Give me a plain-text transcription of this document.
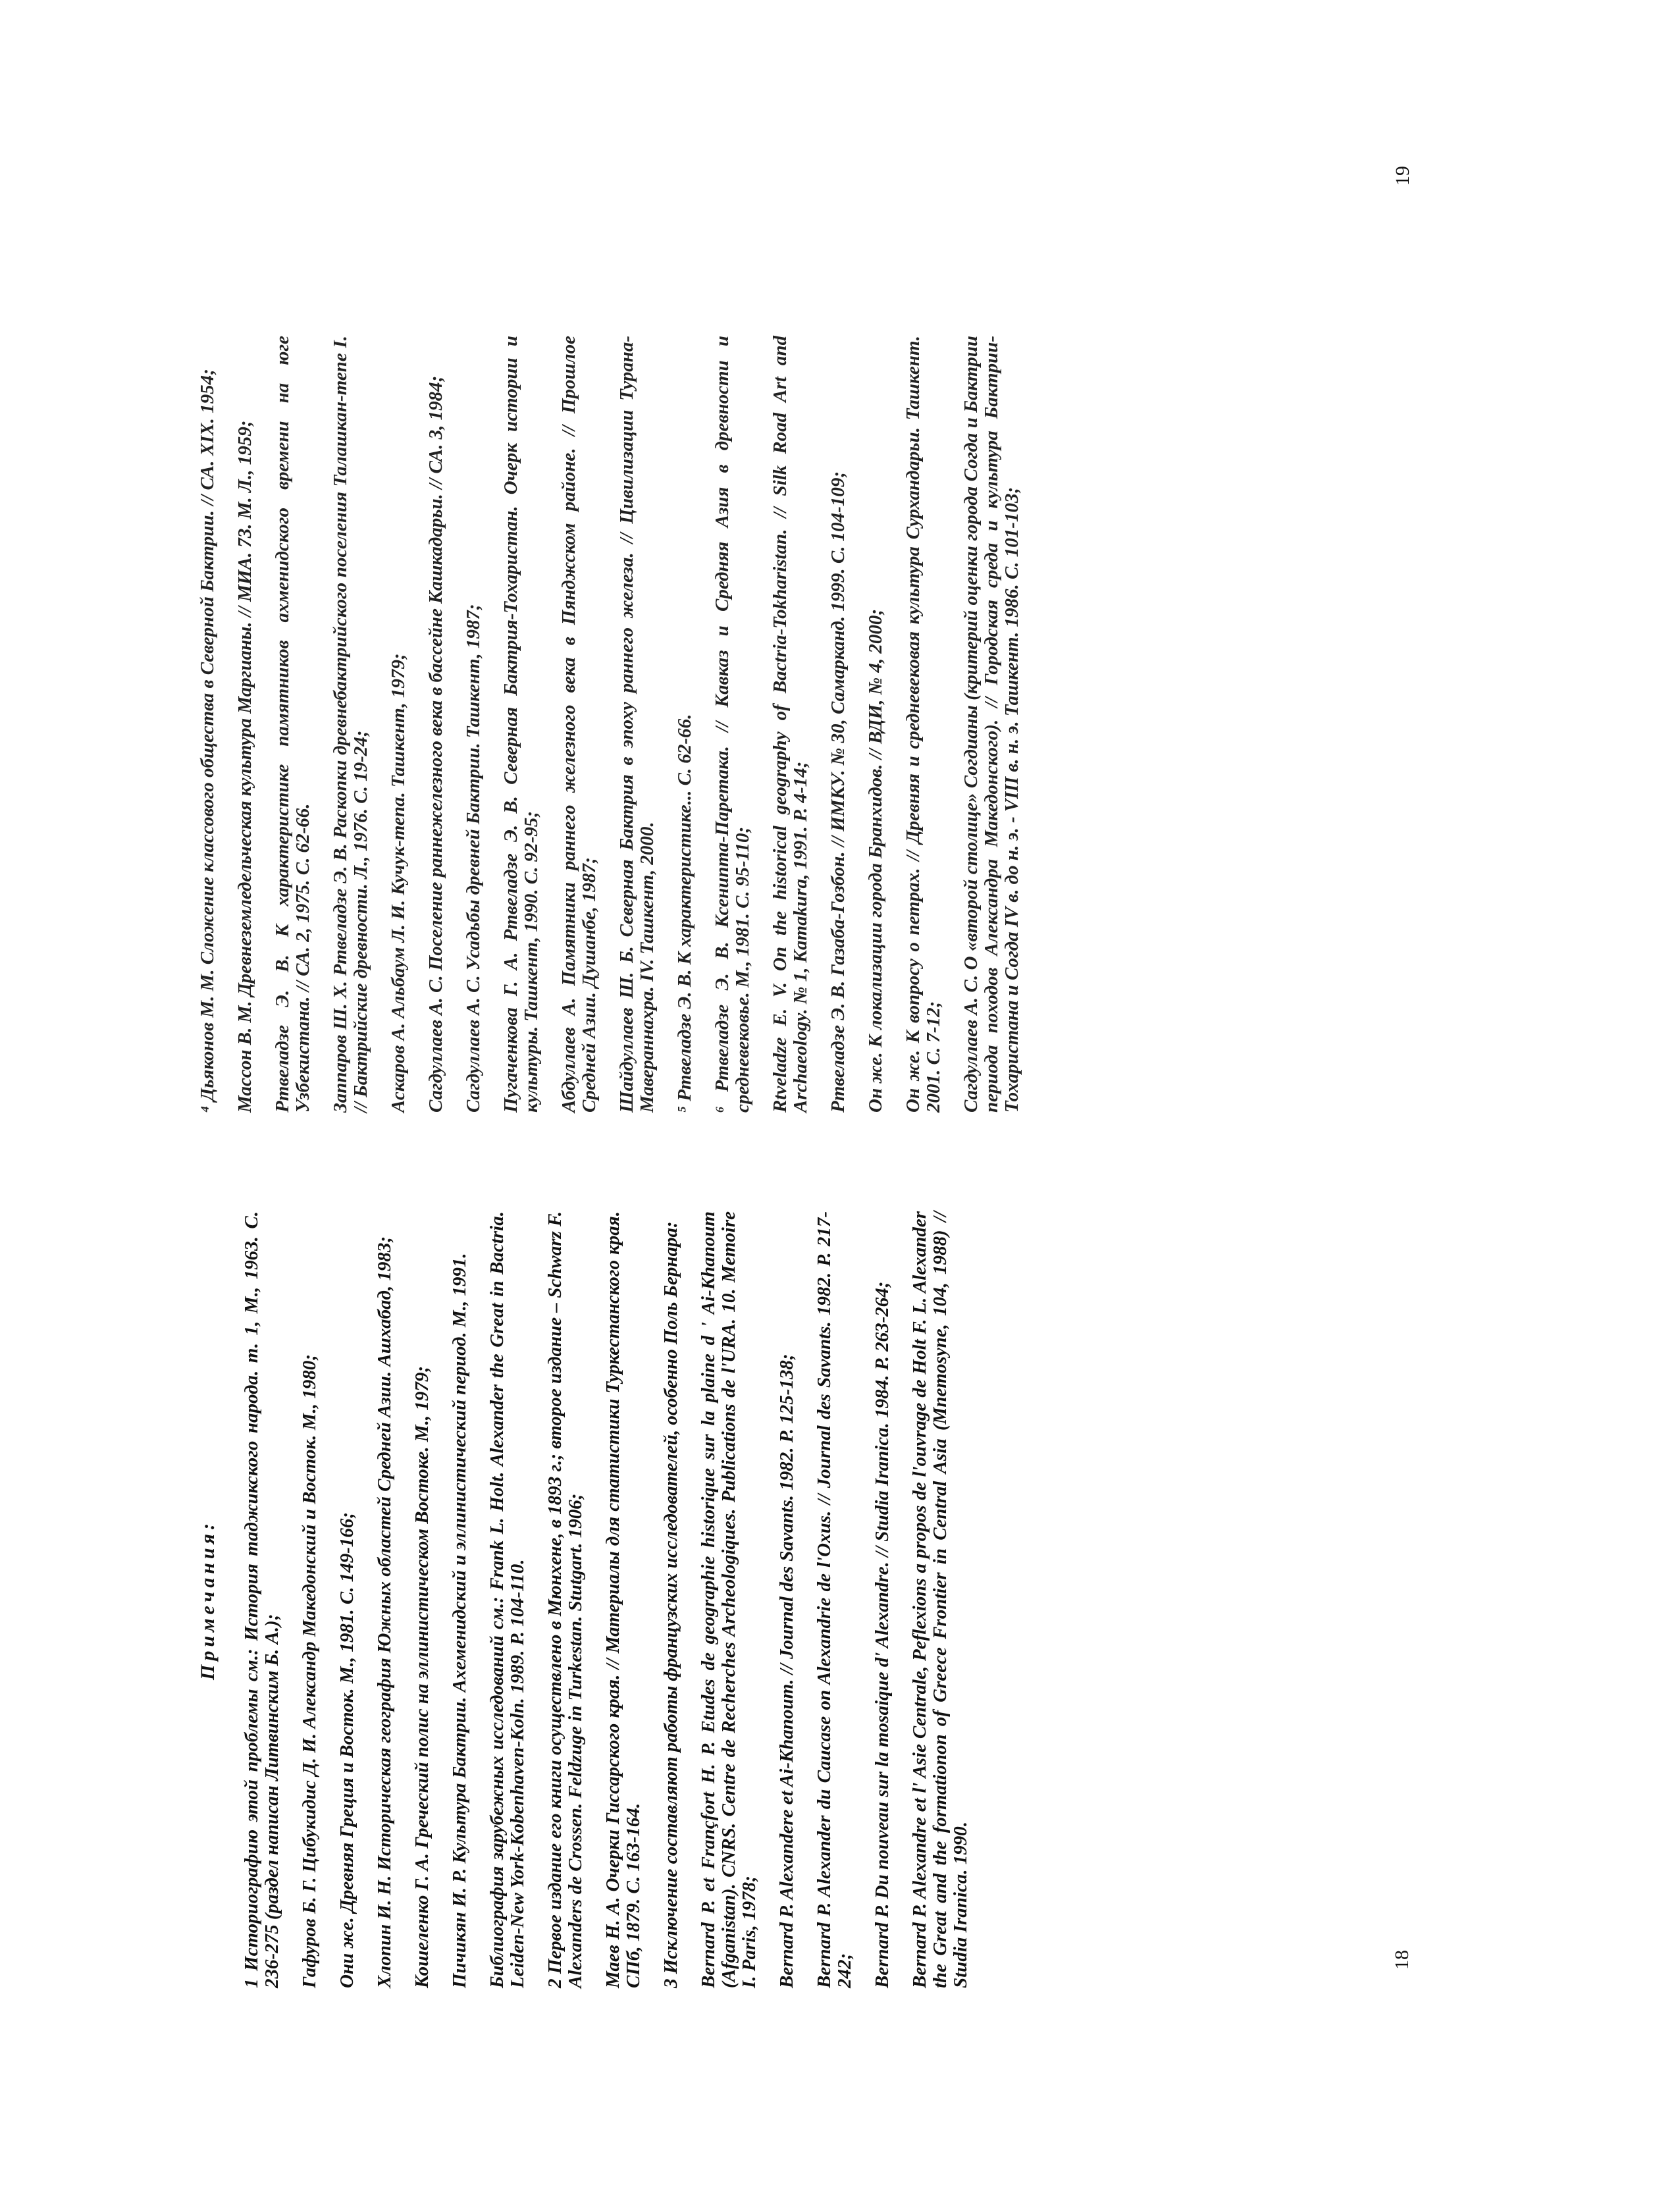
18
19
Примечания: 1 Историографию этой проблемы см.: История таджикского народа. т. 1, М., 1963. С. 236-275 (раздел написан Литвинским Б. А.); Гафуров Б. Г. Цибукидис Д. И. Александр Македонский и Восток. М., 1980; Они же. Древняя Греция и Восток. М., 1981. С. 149-166; Хлопин И. Н. Историческая география Южных областей Средней Азии. Ашхабад, 1983; Кошеленко Г. А. Греческий полис на эллинистическом Востоке. М., 1979; Пичикян И. Р. Культура Бактрии. Ахеменидский и эллинистический период. М., 1991. Библиография зарубежных исследований см.: Frank L. Holt. Alexander the Great in Bactria. Leiden-New York-Kobenhaven-Koln. 1989. P. 104-110. 2 Первое издание его книги осуществлено в Мюнхене, в 1893 г.; второе издание – Schwarz F. Alexanders de Crossen. Feldzuge in Turkestan. Stutgart. 1906; Маев Н. А. Очерки Гиссарского края. // Материалы для статистики Туркестанского края. СПб, 1879. С. 163-164. 3 Исключение составляют работы французских исследователей, особенно Поль Бернара: Bernard P. et Françfort H. P. Etudes de geographie historique sur la plaine d ' Ai-Khanoum (Afganistan). CNRS. Centre de Recherches Archeologiques. Publications de l'URA. 10. Memoire I. Paris, 1978; Bernard P. Alexandere et Ai-Khanoum. // Journal des Savants. 1982. P. 125-138; Bernard P. Alexander du Caucase on Alexandrie de l'Oxus. // Journal des Savants. 1982. P. 217-242; Bernard P. Du nouveau sur la mosaique d' Alexandre. // Studia Iranica. 1984. P. 263-264; Bernard P. Alexandre et l' Asie Centrale, Peflexions a propos de l'ouvrage de Holt F. L. Alexander the Great and the formationon of Greece Frontier in Central Asia (Mnemosyne, 104, 1988) // Studia Iranica. 1990.
⁴ Дьяконов М. М. Сложение классового общества в Северной Бактрии. // СА. XIX. 1954; Массон В. М. Древнеземледельческая культура Маргианы. // МИА. 73. М. Л., 1959; Ртвеладзе Э. В. К характеристике памятников ахменидского времени на юге Узбекистана. // СА. 2, 1975. С. 62-66. Заппаров Ш. Х. Ртвеладзе Э. В. Раскопки древнебактрийского поселения Талашкан-тепе I. // Бактрийские древности. Л., 1976. С. 19-24; Аскаров А. Альбаум Л. И. Кучук-тепа. Ташкент, 1979; Сагдуллаев А. С. Поселение раннежелезного века в бассейне Кашкадарьи. // СА. 3, 1984; Сагдуллаев А. С. Усадьбы древней Бактрии. Ташкент, 1987; Пугаченкова Г. А. Ртвеладзе Э. В. Северная Бактрия-Тохаристан. Очерк истории и культуры. Ташкент, 1990. С. 92-95; Абдуллаев А. Памятники раннего железного века в Пянджском районе. // Прошлое Средней Азии. Душанбе, 1987; Шайдуллаев Ш. Б. Северная Бактрия в эпоху раннего железа. // Цивилизации Турана-Мавераннахра. IV. Ташкент, 2000. ⁵ Ртвеладзе Э. В. К характеристике... С. 62-66. ⁶ Ртвеладзе Э. В. Ксенипта-Паретака. // Кавказ и Средняя Азия в древности и средневековье. М., 1981. С. 95-110; Rtveladze E. V. On the historical geography of Bactria-Tokharistan. // Silk Road Art and Archaeology. № 1, Kamakura, 1991. P. 4-14; Ртвеладзе Э. В. Газаба-Гозбон. // ИМКУ. № 30, Самарканд. 1999. С. 104-109; Он же. К локализации города Бранхидов. // ВДИ, № 4, 2000; Он же. К вопросу о петрах. // Древняя и средневековая культура Сурхандарьи. Ташкент. 2001. С. 7-12; Сагдуллаев А. С. О «второй столице» Согдианы (критерий оценки города Согда и Бактрии периода походов Александра Македонского). // Городская среда и культура Бактрии-Тохаристана и Согда IV в. до н. э. - VIII в. н. э. Ташкент. 1986. С. 101-103;
